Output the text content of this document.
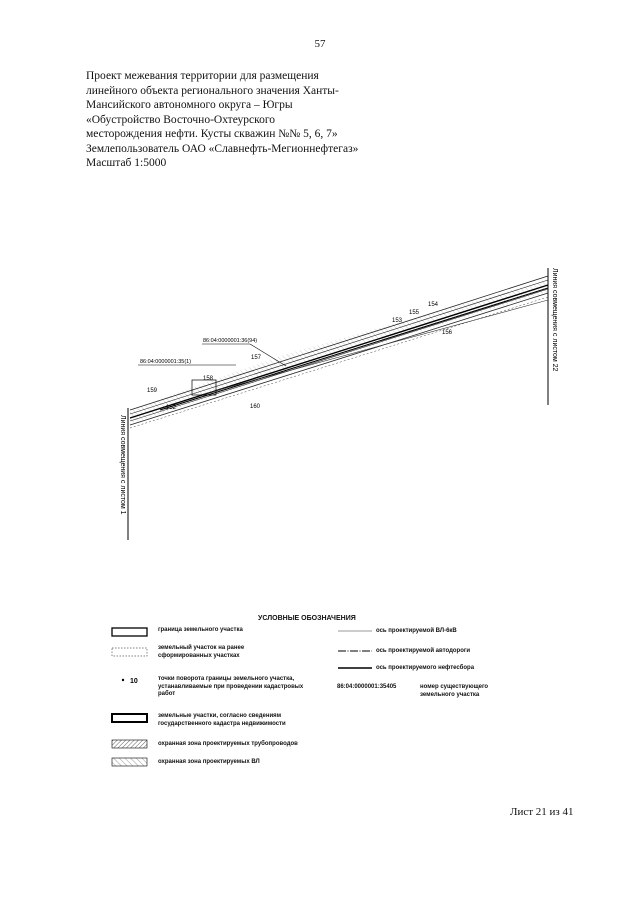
57
Проект межевания территории для размещения
линейного объекта регионального значения Ханты-
Мансийского автономного округа – Югры
«Обустройство Восточно-Охтеурского
месторождения нефти. Кусты скважин №№ 5, 6, 7»
Землепользователь ОАО «Славнефть-Мегионнефтегаз»
Масштаб 1:5000
Линия совмещения с листом 1
Линия совмещения с листом 22
86:04:0000001:36(94)
86:04:0000001:35(1)
159
158
157
160
156
155
154
153
152
10
УСЛОВНЫЕ ОБОЗНАЧЕНИЯ
граница земельного участка
земельный участок на ранее сформированных участках
точки поворота границы земельного участка, устанавливаемые при проведении кадастровых работ
земельные участки, согласно сведениям государственного кадастра недвижимости
охранная зона проектируемых трубопроводов
охранная зона проектируемых ВЛ
ось проектируемой ВЛ-6кВ
ось проектируемой автодороги
ось проектируемого нефтесбора
86:04:0000001:35405	номер существующего земельного участка
Лист 21 из 41
